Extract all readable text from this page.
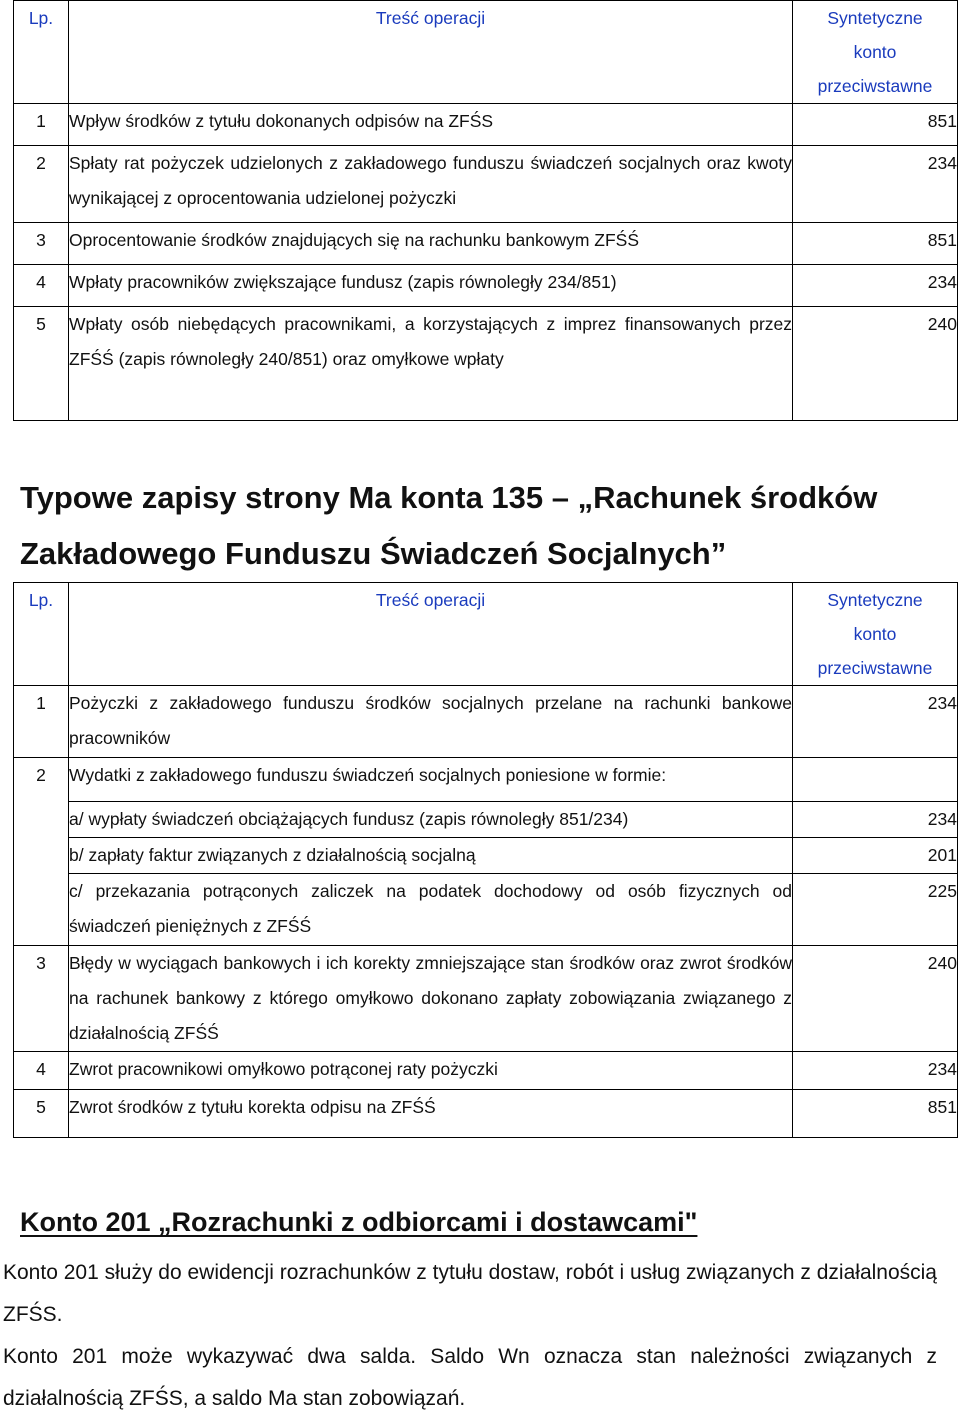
Lp.	Treść operacji	Syntetyczne
konto
przeciwstawne

1	Wpływ środków z tytułu dokonanych odpisów na ZFŚS	851
2	Spłaty rat pożyczek udzielonych z zakładowego funduszu świadczeń socjalnych oraz kwoty wynikającej z oprocentowania udzielonej pożyczki	234
3	Oprocentowanie środków znajdujących się na rachunku bankowym ZFŚŚ	851
4	Wpłaty pracowników zwiększające fundusz (zapis równoległy 234/851)	234
5	Wpłaty osób niebędących pracownikami, a korzystających z imprez finansowanych przez ZFŚŚ (zapis równoległy 240/851) oraz omyłkowe wpłaty	240
Typowe zapisy strony Ma konta 135 – „Rachunek środków Zakładowego Funduszu Świadczeń Socjalnych”
Lp.	Treść operacji	Syntetyczne
konto
przeciwstawne

1	Pożyczki z zakładowego funduszu środków socjalnych przelane na rachunki bankowe pracowników	234
2	Wydatki z zakładowego funduszu świadczeń socjalnych poniesione w formie:	
	a/ wypłaty świadczeń obciążających fundusz (zapis równoległy 851/234)	234
	b/ zapłaty faktur związanych z działalnością socjalną	201
	c/ przekazania potrąconych zaliczek na podatek dochodowy od osób fizycznych od świadczeń pieniężnych z ZFŚŚ	225
3	Błędy w wyciągach bankowych i ich korekty zmniejszające stan środków oraz zwrot środków na rachunek bankowy z którego omyłkowo dokonano zapłaty zobowiązania związanego z działalnością ZFŚŚ	240
4	Zwrot pracownikowi omyłkowo potrąconej raty pożyczki	234
5	Zwrot środków z tytułu korekta odpisu na ZFŚŚ	851
Konto 201 „Rozrachunki z odbiorcami i dostawcami"
Konto 201 służy do ewidencji rozrachunków z tytułu dostaw, robót i usług związanych z działalnością ZFŚS.
Konto 201 może wykazywać dwa salda. Saldo Wn oznacza stan należności związanych z działalnością ZFŚS, a saldo Ma stan zobowiązań.
